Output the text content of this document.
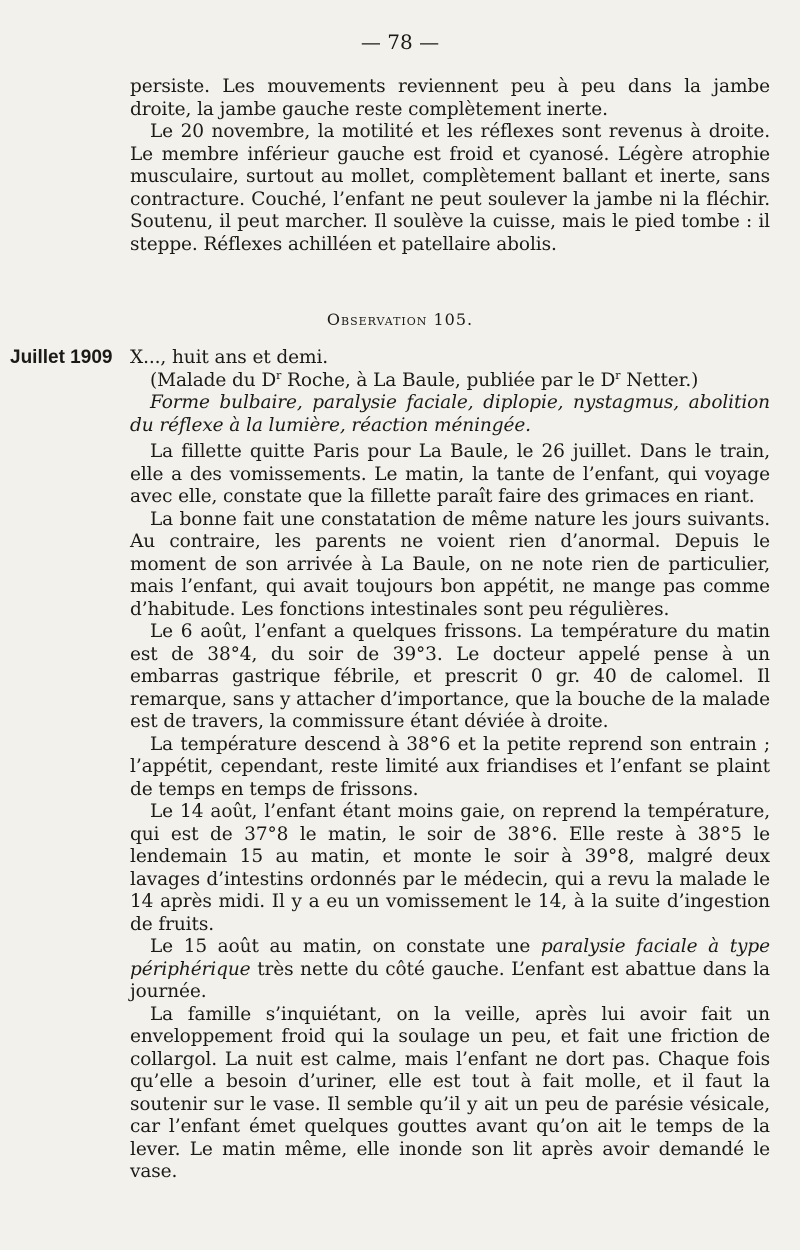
— 78 —

persiste. Les mouvements reviennent peu à peu dans la jambe droite, la jambe gauche reste complètement inerte.

Le 20 novembre, la motilité et les réflexes sont revenus à droite. Le membre inférieur gauche est froid et cyanosé. Légère atrophie musculaire, surtout au mollet, complètement ballant et inerte, sans contracture. Couché, l’enfant ne peut soulever la jambe ni la fléchir. Soutenu, il peut marcher. Il soulève la cuisse, mais le pied tombe : il steppe. Réflexes achilléen et patellaire abolis.

Observation 105.
Juillet 1909 X..., huit ans et demi.

(Malade du $D^r$ Roche, à La Baule, publiée par le $D^r$ Netter.)

Forme bulbaire, paralysie faciale, diplopie, nystagmus, abolition du réflexe à la lumière, réaction méningée.

La fillette quitte Paris pour La Baule, le 26 juillet. Dans le train, elle a des vomissements. Le matin, la tante de l’enfant, qui voyage avec elle, constate que la fillette paraît faire des grimaces en riant.

La bonne fait une constatation de même nature les jours suivants. Au contraire, les parents ne voient rien d’anormal. Depuis le moment de son arrivée à La Baule, on ne note rien de particulier, mais l’enfant, qui avait toujours bon appétit, ne mange pas comme d’habitude. Les fonctions intestinales sont peu régulières.

Le 6 août, l’enfant a quelques frissons. La température du matin est de 38°4, du soir de 39°3. Le docteur appelé pense à un embarras gastrique fébrile, et prescrit 0 gr. 40 de calomel. Il remarque, sans y attacher d’importance, que la bouche de la malade est de travers, la commissure étant déviée à droite.

La température descend à 38°6 et la petite reprend son entrain ; l’appétit, cependant, reste limité aux friandises et l’enfant se plaint de temps en temps de frissons.

Le 14 août, l’enfant étant moins gaie, on reprend la température, qui est de 37°8 le matin, le soir de 38°6. Elle reste à 38°5 le lendemain 15 au matin, et monte le soir à 39°8, malgré deux lavages d’intestins ordonnés par le médecin, qui a revu la malade le 14 après midi. Il y a eu un vomissement le 14, à la suite d’ingestion de fruits.

Le 15 août au matin, on constate une paralysie faciale à type périphérique très nette du côté gauche. L’enfant est abattue dans la journée.

La famille s’inquiétant, on la veille, après lui avoir fait un enveloppement froid qui la soulage un peu, et fait une friction de collargol. La nuit est calme, mais l’enfant ne dort pas. Chaque fois qu’elle a besoin d’uriner, elle est tout à fait molle, et il faut la soutenir sur le vase. Il semble qu’il y ait un peu de parésie vésicale, car l’enfant émet quelques gouttes avant qu’on ait le temps de la lever. Le matin même, elle inonde son lit après avoir demandé le vase.
